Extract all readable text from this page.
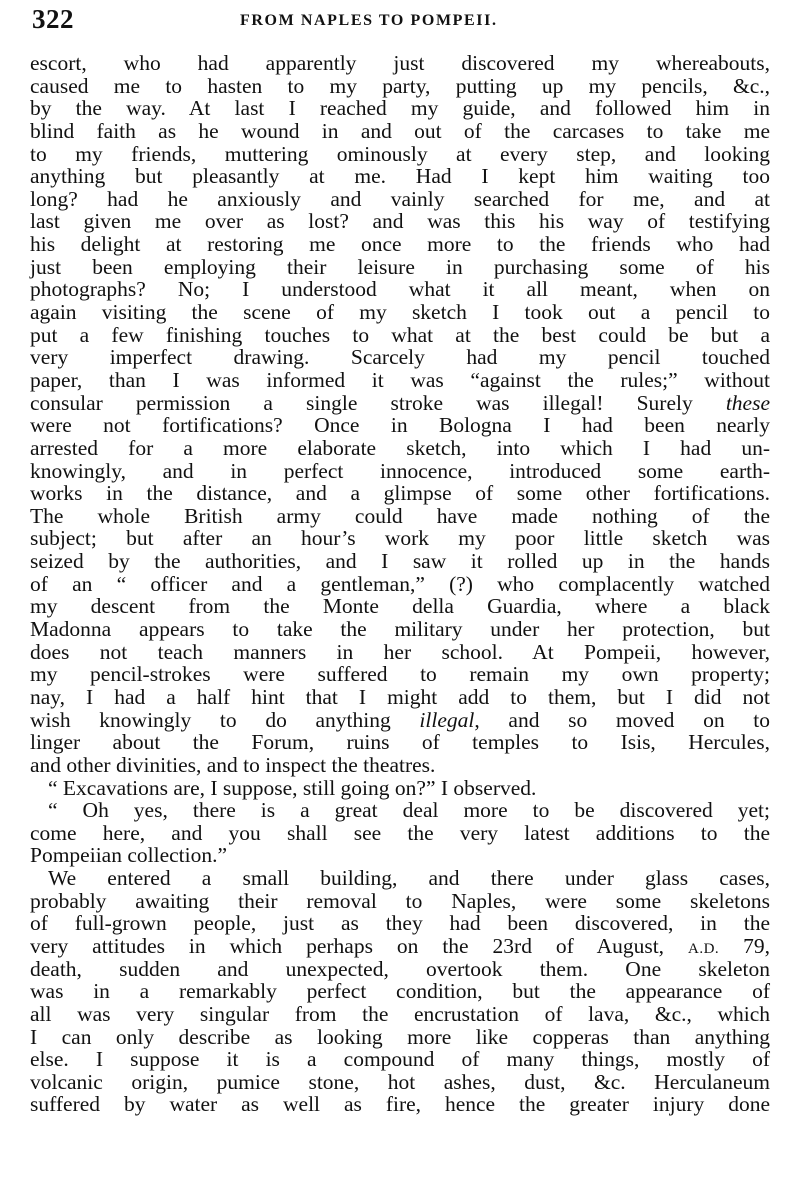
322	FROM NAPLES TO POMPEII.
escort, who had apparently just discovered my whereabouts,
caused me to hasten to my party, putting up my pencils, &c.,
by the way. At last I reached my guide, and followed him in
blind faith as he wound in and out of the carcases to take me
to my friends, muttering ominously at every step, and looking
anything but pleasantly at me. Had I kept him waiting too
long? had he anxiously and vainly searched for me, and at
last given me over as lost? and was this his way of testifying
his delight at restoring me once more to the friends who had
just been employing their leisure in purchasing some of his
photographs? No; I understood what it all meant, when on
again visiting the scene of my sketch I took out a pencil to
put a few finishing touches to what at the best could be but a
very imperfect drawing. Scarcely had my pencil touched
paper, than I was informed it was “against the rules;” without
consular permission a single stroke was illegal! Surely these
were not fortifications? Once in Bologna I had been nearly
arrested for a more elaborate sketch, into which I had un-
knowingly, and in perfect innocence, introduced some earth-
works in the distance, and a glimpse of some other fortifications.
The whole British army could have made nothing of the
subject; but after an hour’s work my poor little sketch was
seized by the authorities, and I saw it rolled up in the hands
of an “ officer and a gentleman,” (?) who complacently watched
my descent from the Monte della Guardia, where a black
Madonna appears to take the military under her protection, but
does not teach manners in her school. At Pompeii, however,
my pencil-strokes were suffered to remain my own property;
nay, I had a half hint that I might add to them, but I did not
wish knowingly to do anything illegal, and so moved on to
linger about the Forum, ruins of temples to Isis, Hercules,
and other divinities, and to inspect the theatres.
“ Excavations are, I suppose, still going on?” I observed.
“ Oh yes, there is a great deal more to be discovered yet;
come here, and you shall see the very latest additions to the
Pompeiian collection.”
We entered a small building, and there under glass cases,
probably awaiting their removal to Naples, were some skeletons
of full-grown people, just as they had been discovered, in the
very attitudes in which perhaps on the 23rd of August, A.D. 79,
death, sudden and unexpected, overtook them. One skeleton
was in a remarkably perfect condition, but the appearance of
all was very singular from the encrustation of lava, &c., which
I can only describe as looking more like copperas than anything
else. I suppose it is a compound of many things, mostly of
volcanic origin, pumice stone, hot ashes, dust, &c. Herculaneum
suffered by water as well as fire, hence the greater injury done
